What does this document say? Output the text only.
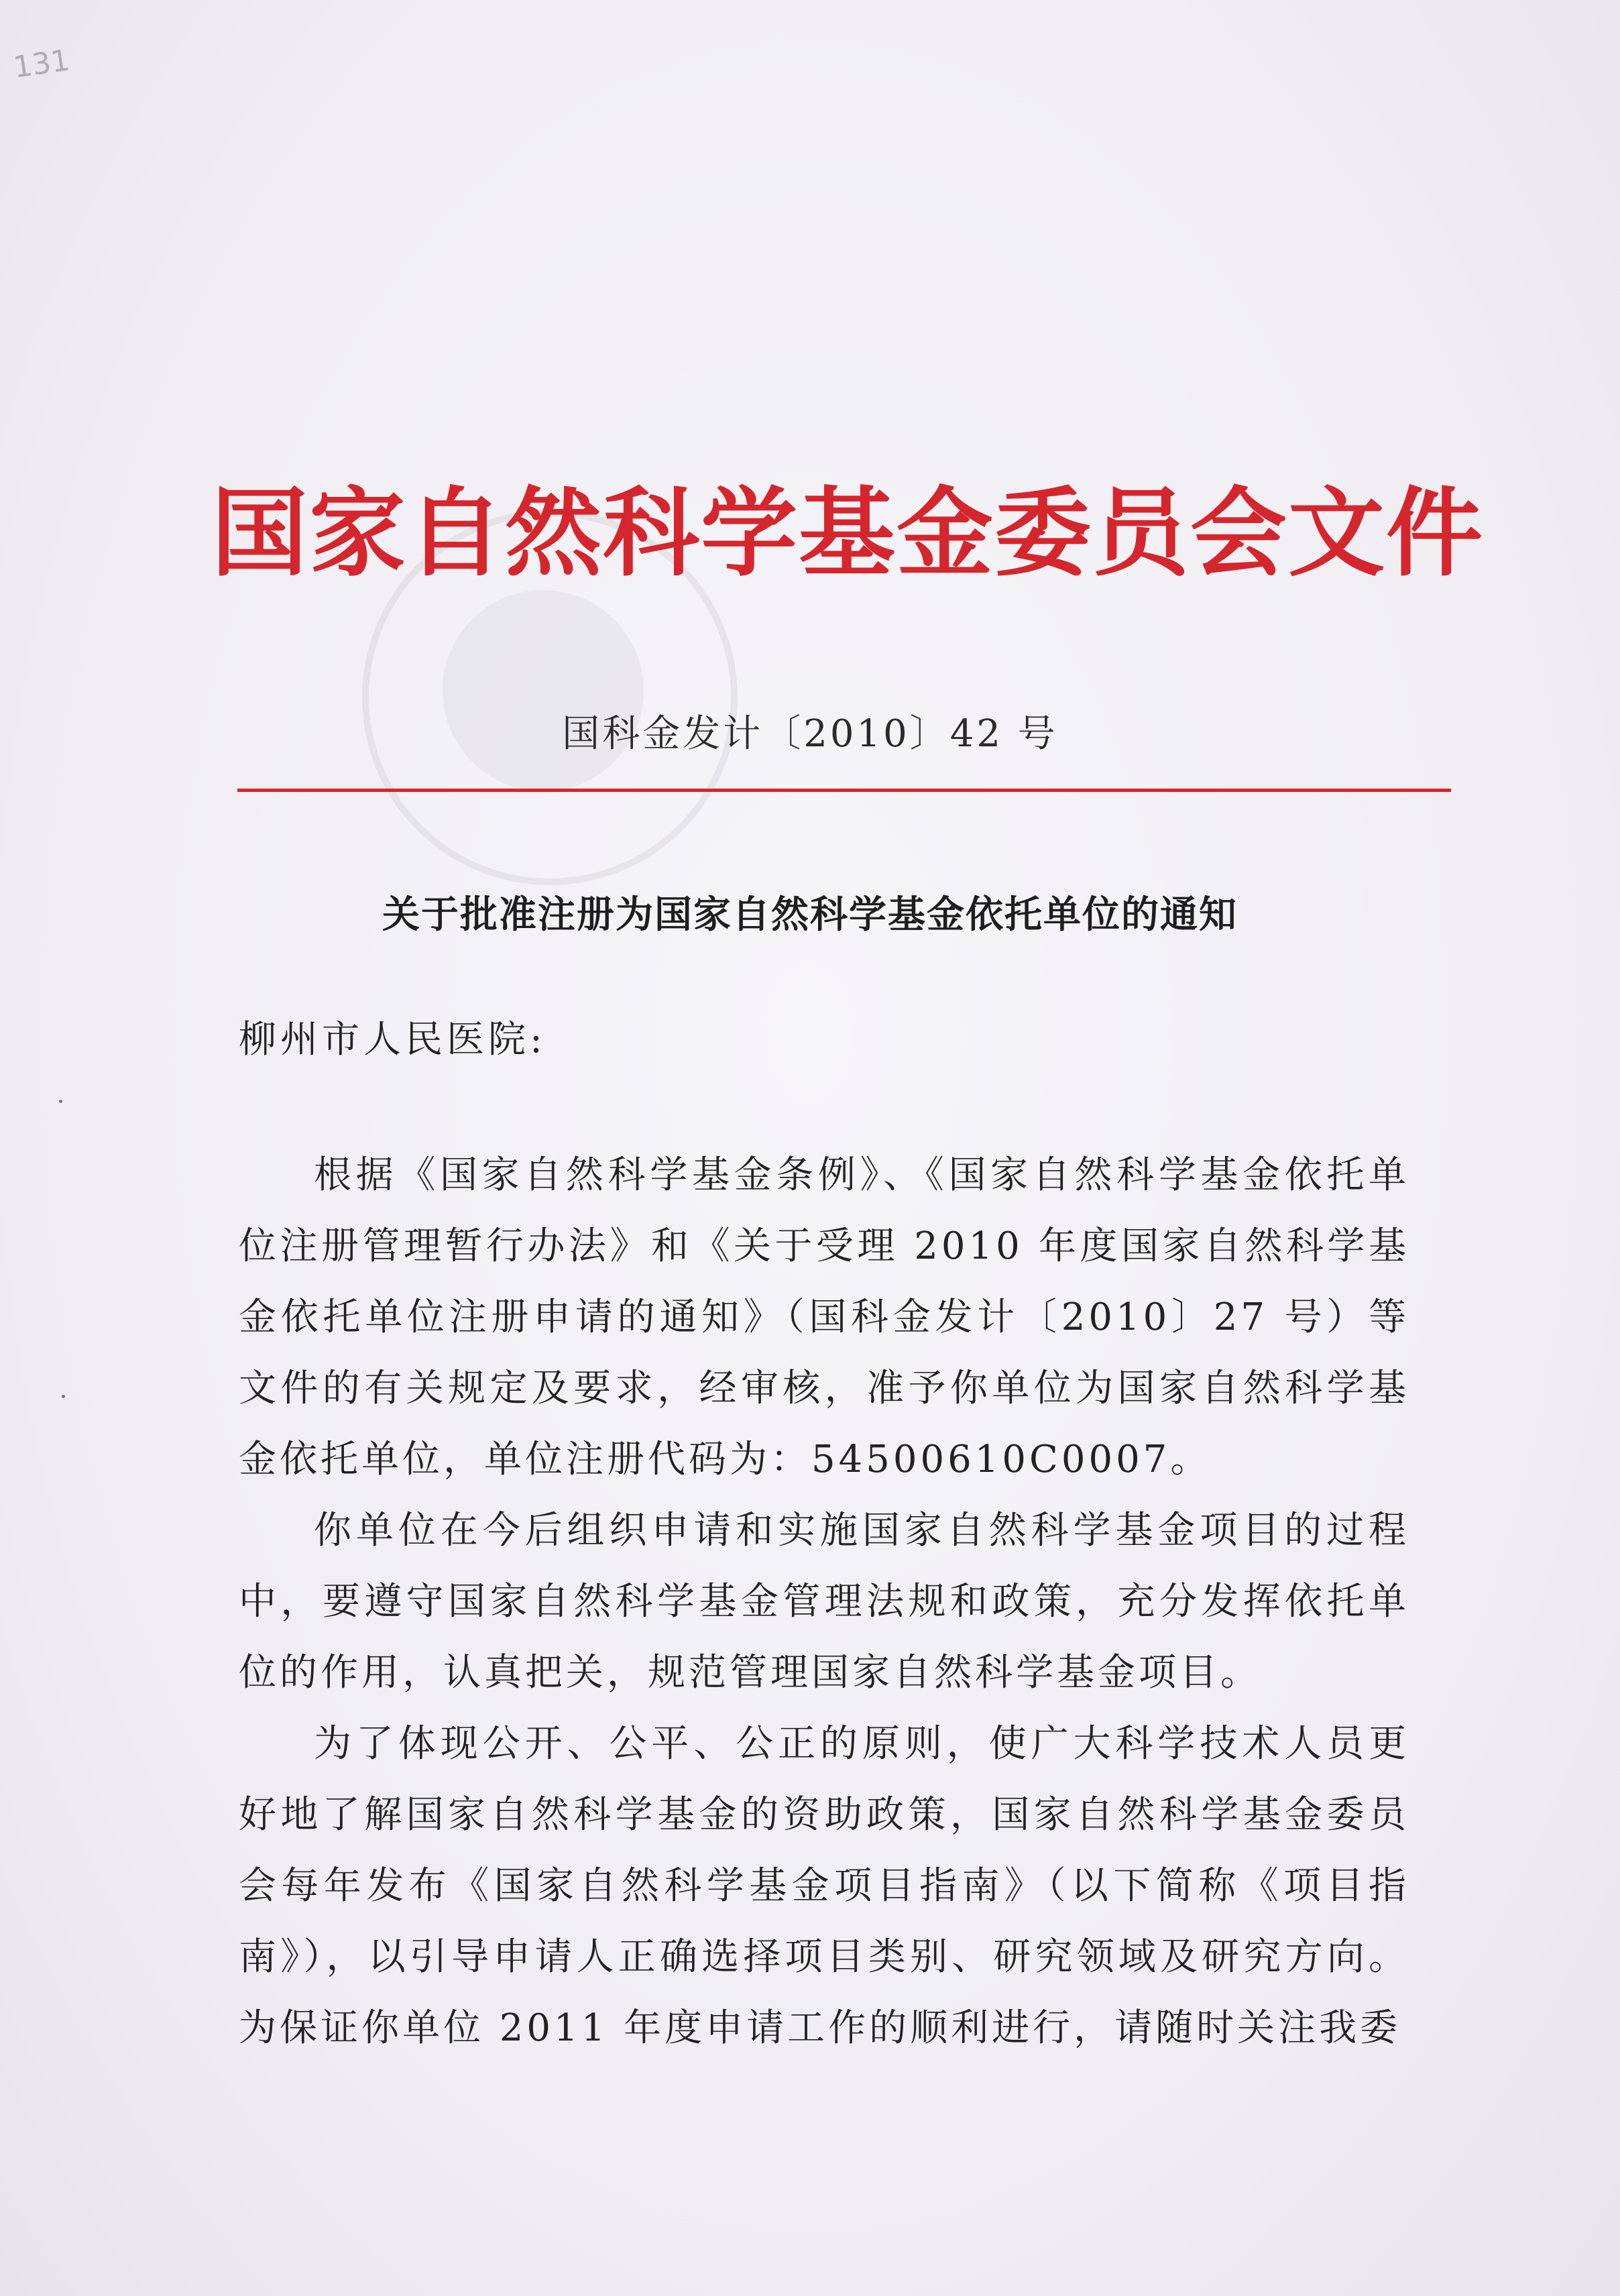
131
国家自然科学基金委员会文件
国科金发计〔2010〕42 号
关于批准注册为国家自然科学基金依托单位的通知
柳州市人民医院:

根据《国家自然科学基金条例》、《国家自然科学基金依托单位注册管理暂行办法》和《关于受理 2010 年度国家自然科学基金依托单位注册申请的通知》（国科金发计〔2010〕27 号）等文件的有关规定及要求，经审核，准予你单位为国家自然科学基金依托单位，单位注册代码为：54500610C0007。

你单位在今后组织申请和实施国家自然科学基金项目的过程中，要遵守国家自然科学基金管理法规和政策，充分发挥依托单位的作用，认真把关，规范管理国家自然科学基金项目。

为了体现公开、公平、公正的原则，使广大科学技术人员更好地了解国家自然科学基金的资助政策，国家自然科学基金委员会每年发布《国家自然科学基金项目指南》（以下简称《项目指南》），以引导申请人正确选择项目类别、研究领域及研究方向。为保证你单位 2011 年度申请工作的顺利进行，请随时关注我委
